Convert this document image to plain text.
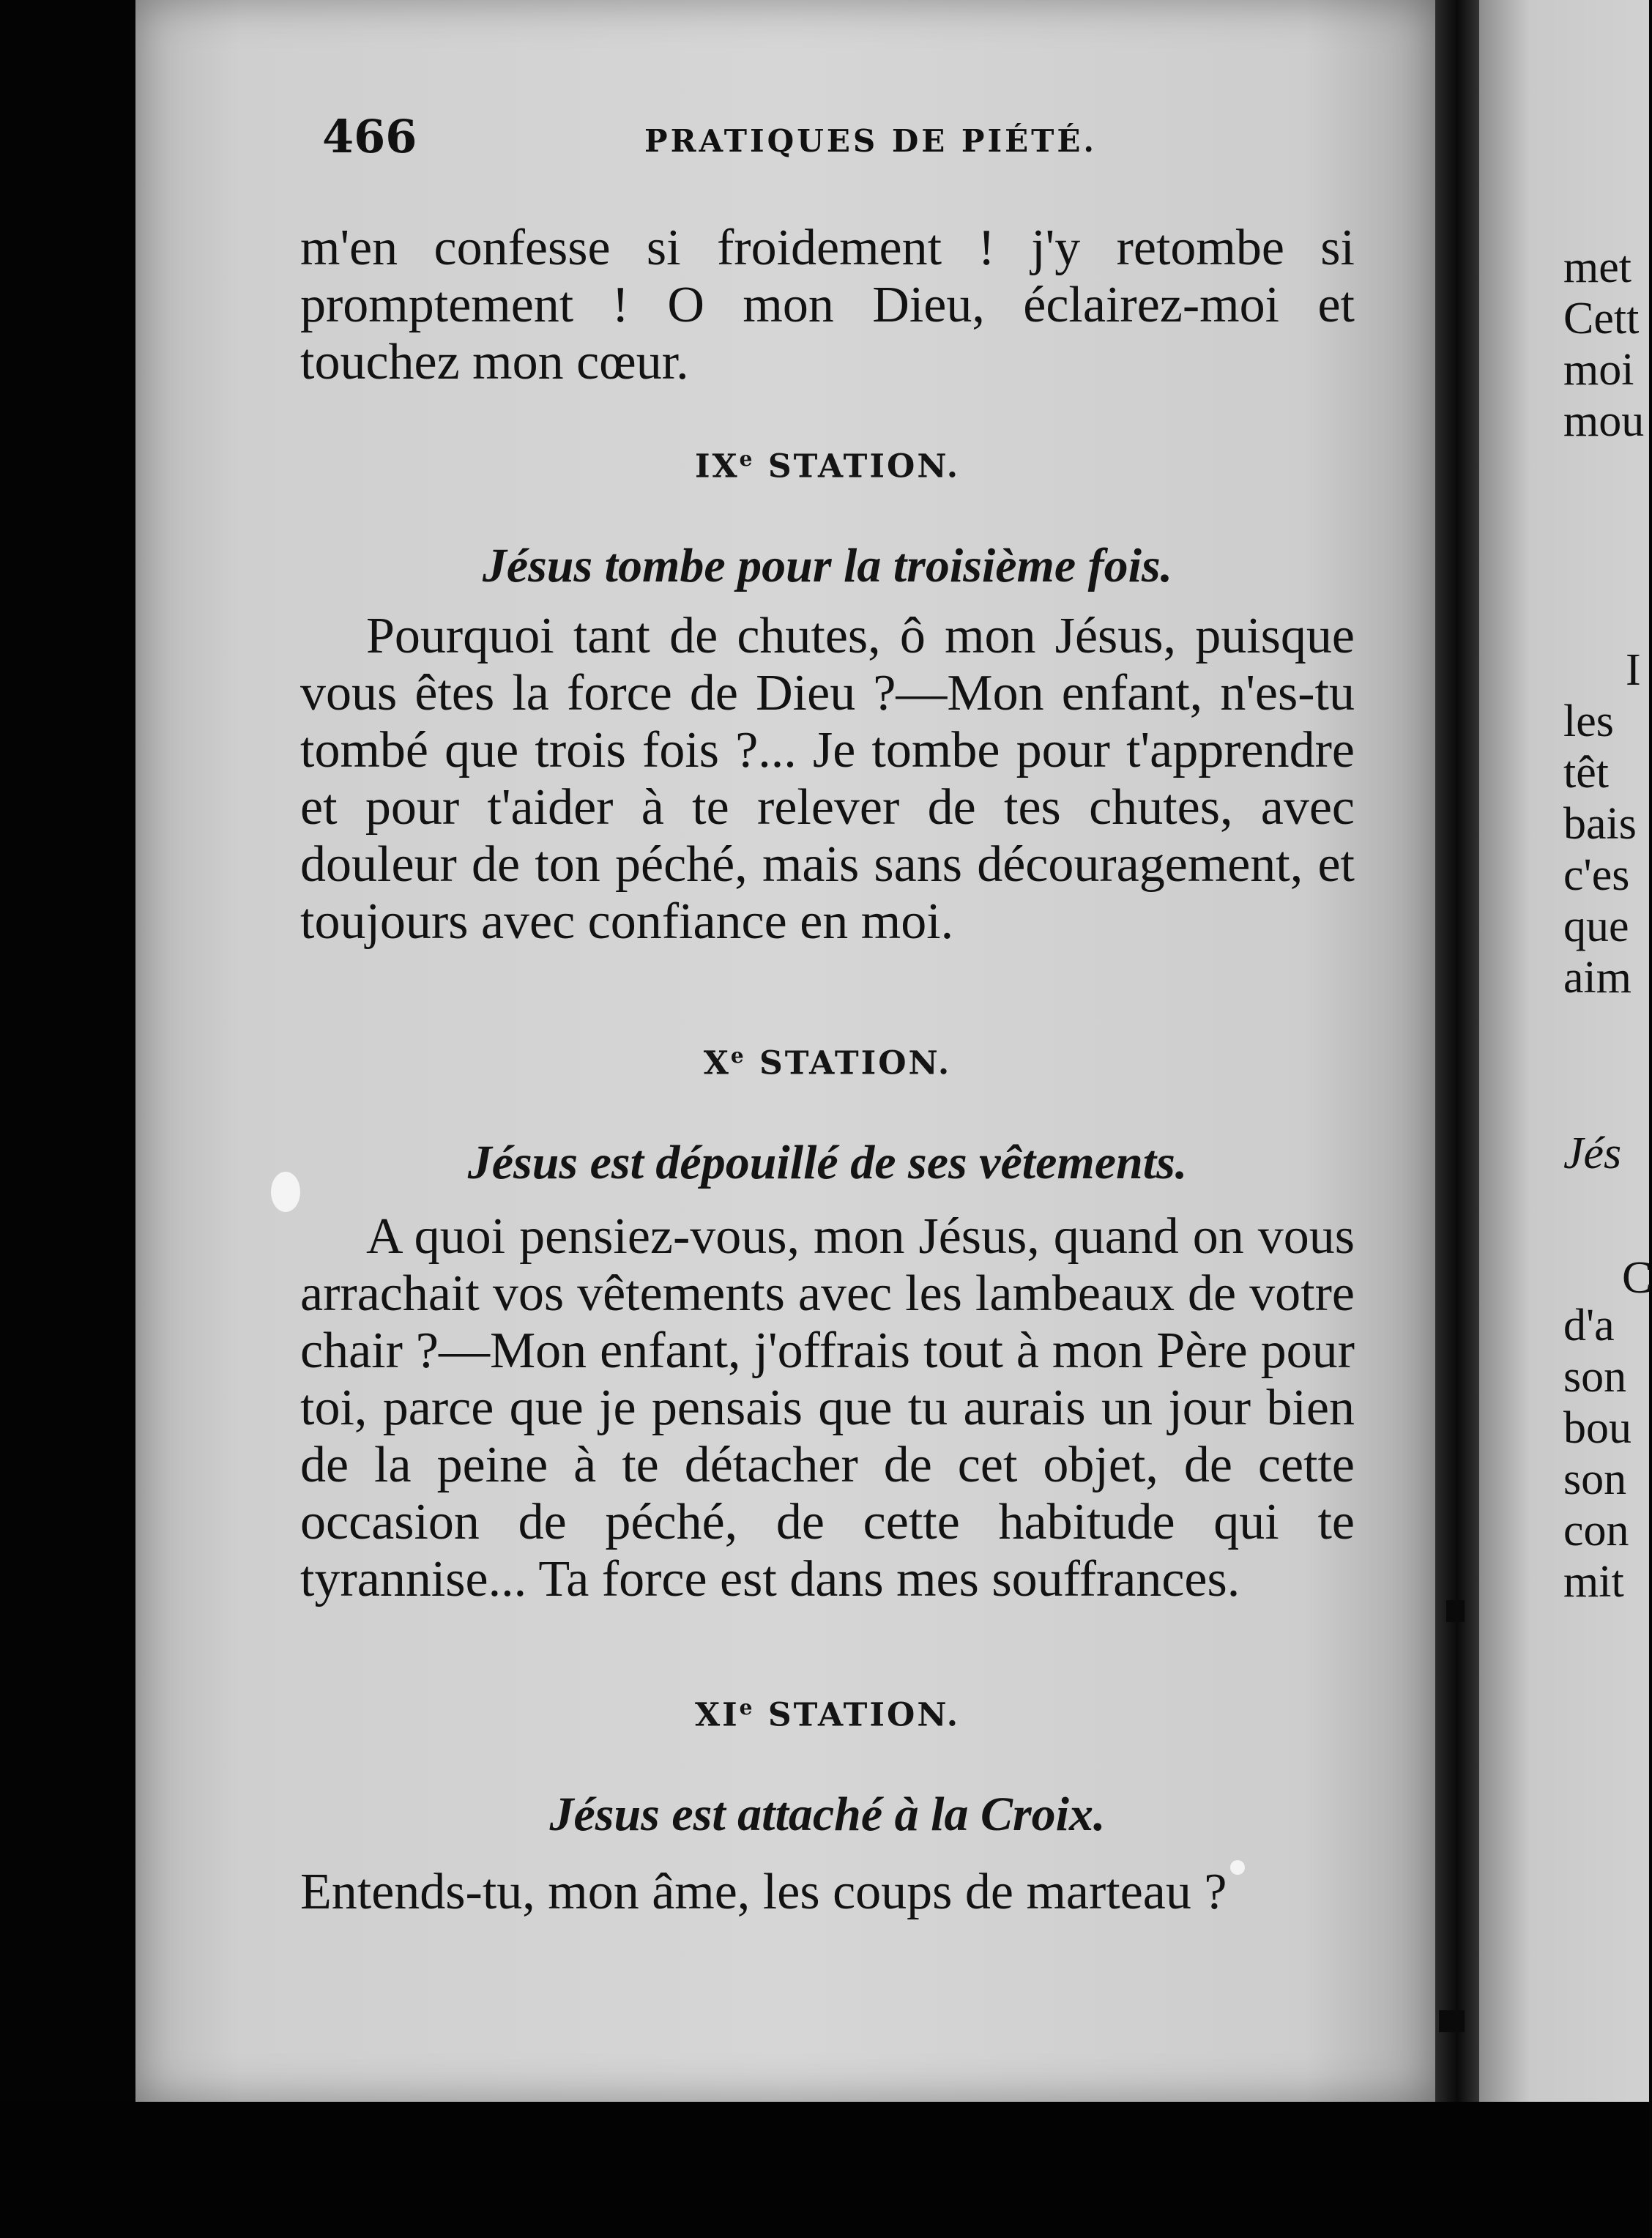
met
Cett
moi
mou
I
les
têt
bais
c'es
que
aim
Jés
C
d'a
son
bou
son
con
mit
466	PRATIQUES DE PIÉTÉ.

m'en confesse si froidement ! j'y retombe si promptement ! O mon Dieu, éclairez-moi et touchez mon cœur.

IXe STATION.
Jésus tombe pour la troisième fois.

Pourquoi tant de chutes, ô mon Jésus, puisque vous êtes la force de Dieu ?—Mon enfant, n'es-tu tombé que trois fois ?... Je tombe pour t'apprendre et pour t'aider à te relever de tes chutes, avec douleur de ton péché, mais sans découragement, et toujours avec confiance en moi.

Xe STATION.
Jésus est dépouillé de ses vêtements.

A quoi pensiez-vous, mon Jésus, quand on vous arrachait vos vêtements avec les lambeaux de votre chair ?—Mon enfant, j'offrais tout à mon Père pour toi, parce que je pensais que tu aurais un jour bien de la peine à te détacher de cet objet, de cette occasion de péché, de cette habitude qui te tyrannise... Ta force est dans mes souffrances.

XIe STATION.
Jésus est attaché à la Croix.

Entends-tu, mon âme, les coups de marteau ?
